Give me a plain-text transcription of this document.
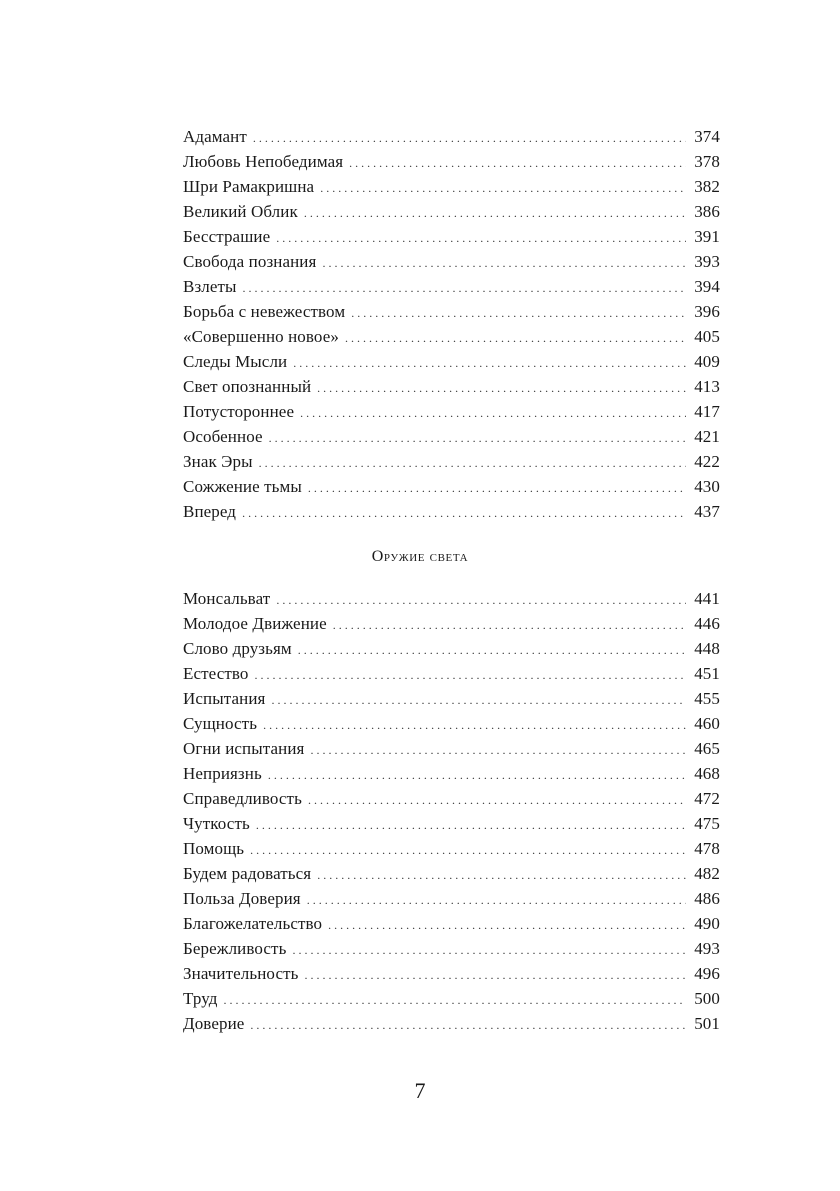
Адамант .....	374
Любовь Непобедимая .....	378
Шри Рамакришна .....	382
Великий Облик .....	386
Бесстрашие .....	391
Свобода познания .....	393
Взлеты .....	394
Борьба с невежеством .....	396
«Совершенно новое» .....	405
Следы Мысли .....	409
Свет опознанный .....	413
Потустороннее .....	417
Особенное .....	421
Знак Эры .....	422
Сожжение тьмы .....	430
Вперед .....	437
Оружие света
Монсальват .....	441
Молодое Движение .....	446
Слово друзьям .....	448
Естество .....	451
Испытания .....	455
Сущность .....	460
Огни испытания .....	465
Неприязнь .....	468
Справедливость .....	472
Чуткость .....	475
Помощь .....	478
Будем радоваться .....	482
Польза Доверия .....	486
Благожелательство .....	490
Бережливость .....	493
Значительность .....	496
Труд .....	500
Доверие .....	501
7
